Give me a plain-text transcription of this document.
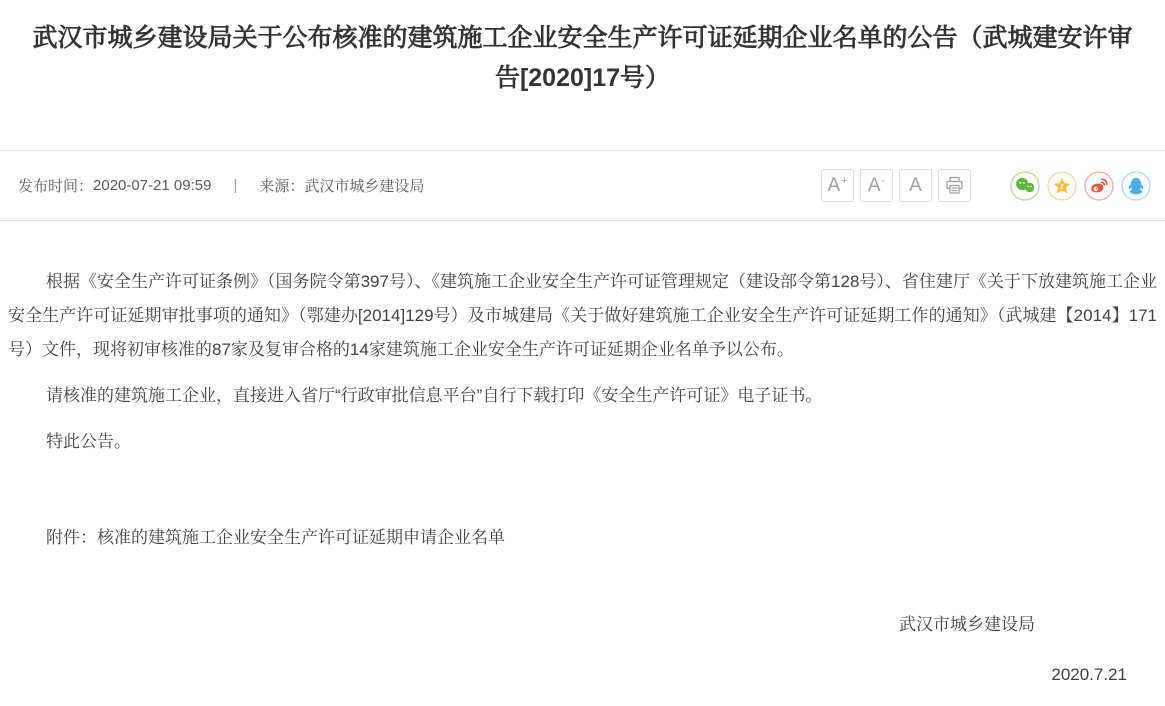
武汉市城乡建设局关于公布核准的建筑施工企业安全生产许可证延期企业名单的公告（武城建安许审告[2020]17号）
发布时间： 2020-07-21 09:59 | 来源： 武汉市城乡建设局	A+ A- A	z

根据《安全生产许可证条例》（国务院令第397号）、《建筑施工企业安全生产许可证管理规定（建设部令第128号）、省住建厅《关于下放建筑施工企业安全生产许可证延期审批事项的通知》（鄂建办[2014]129号）及市城建局《关于做好建筑施工企业安全生产许可证延期工作的通知》（武城建【2014】171号）文件，现将初审核准的87家及复审合格的14家建筑施工企业安全生产许可证延期企业名单予以公布。

请核准的建筑施工企业，直接进入省厅“行政审批信息平台”自行下载打印《安全生产许可证》电子证书。

特此公告。

附件：核准的建筑施工企业安全生产许可证延期申请企业名单

武汉市城乡建设局

2020.7.21
